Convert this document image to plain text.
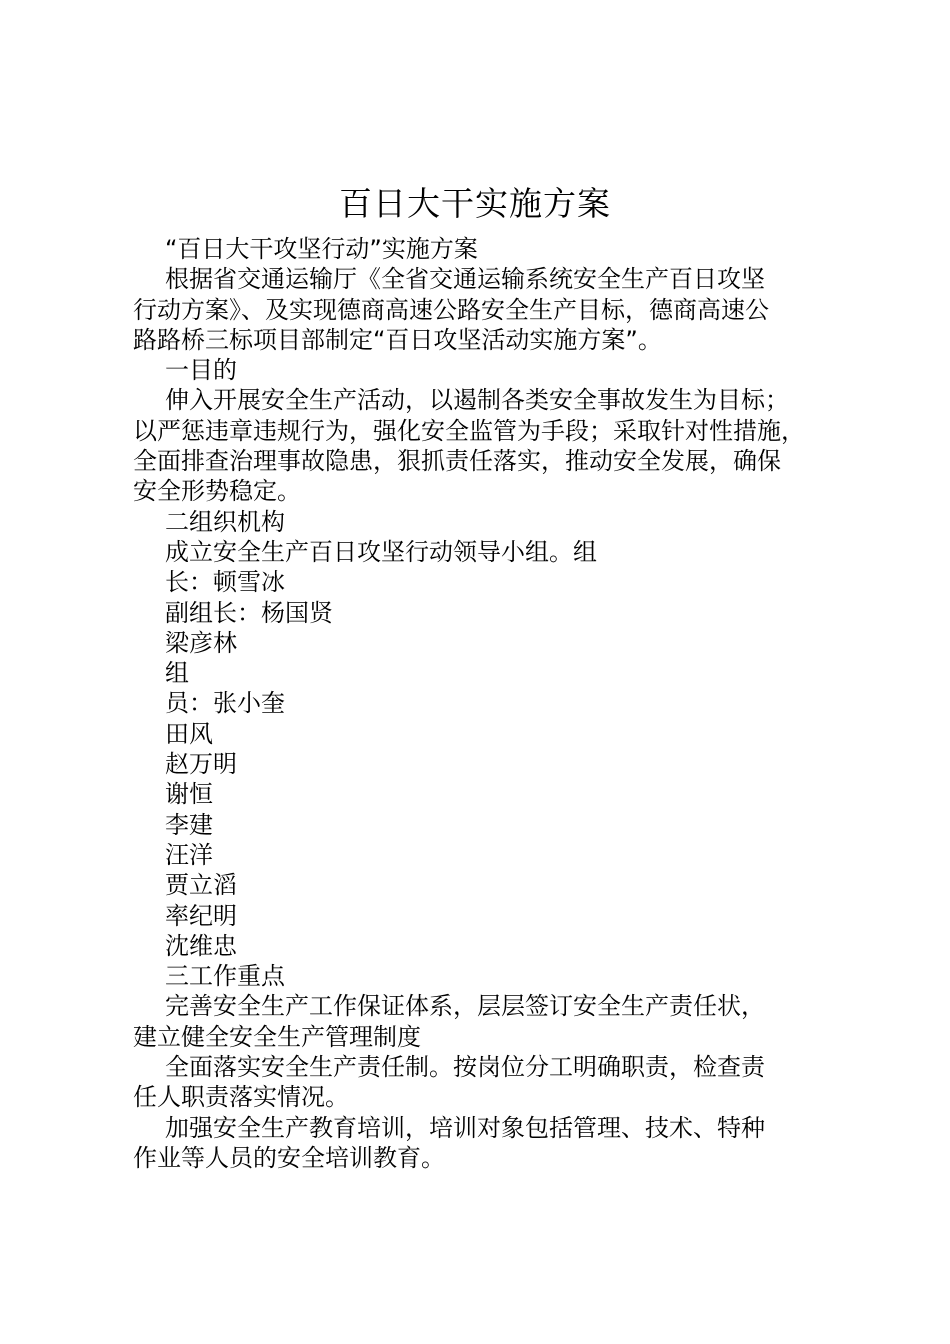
百日大干实施方案

“百日大干攻坚行动”实施方案

根据省交通运输厅《全省交通运输系统安全生产百日攻坚

行动方案》、及实现德商高速公路安全生产目标，德商高速公

路路桥三标项目部制定“百日攻坚活动实施方案”。

一目的

伸入开展安全生产活动，以遏制各类安全事故发生为目标；

以严惩违章违规行为，强化安全监管为手段；采取针对性措施，

全面排查治理事故隐患，狠抓责任落实，推动安全发展，确保

安全形势稳定。

二组织机构

成立安全生产百日攻坚行动领导小组。组

长：顿雪冰

副组长：杨国贤

梁彦林

组

员：张小奎

田风

赵万明

谢恒

李建

汪洋

贾立滔

率纪明

沈维忠

三工作重点

完善安全生产工作保证体系，层层签订安全生产责任状，

建立健全安全生产管理制度

全面落实安全生产责任制。按岗位分工明确职责，检查责

任人职责落实情况。

加强安全生产教育培训，培训对象包括管理、技术、特种

作业等人员的安全培训教育。
